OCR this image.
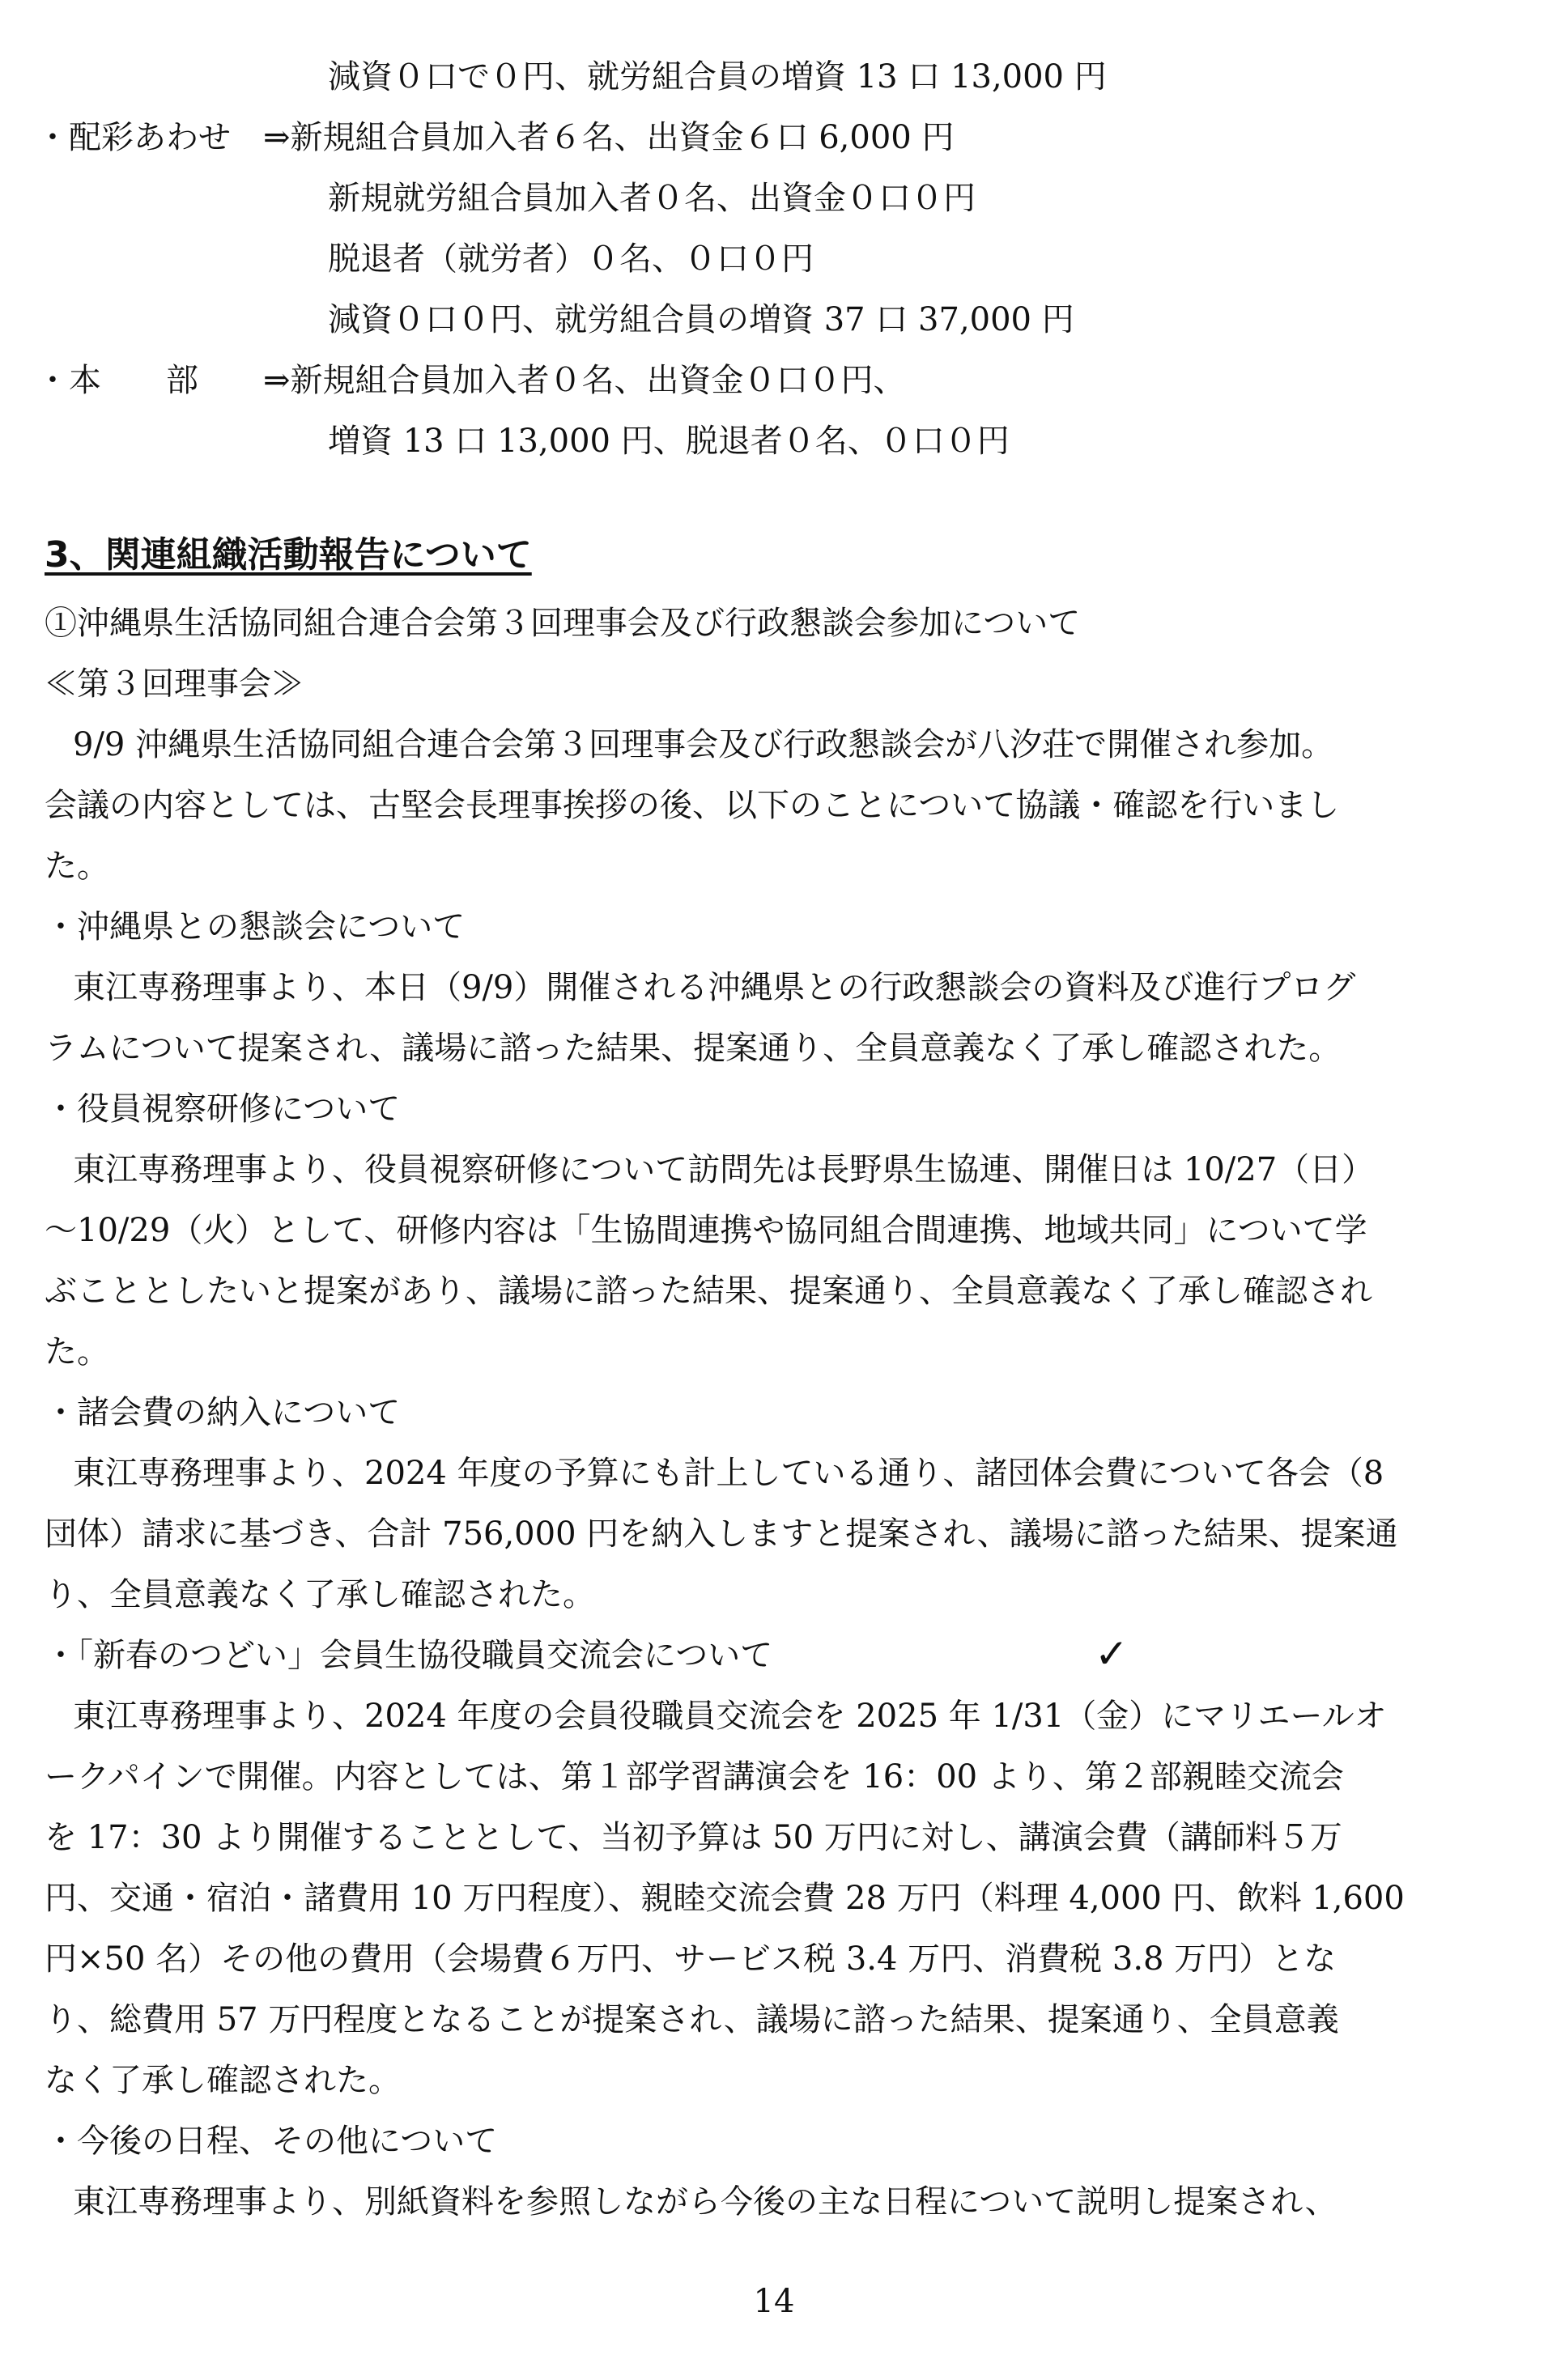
減資０口で０円、就労組合員の増資 13 口 13,000 円
・配彩あわせ　⇒新規組合員加入者６名、出資金６口 6,000 円
新規就労組合員加入者０名、出資金０口０円
脱退者（就労者）０名、０口０円
減資０口０円、就労組合員の増資 37 口 37,000 円
・本　　部　　⇒新規組合員加入者０名、出資金０口０円、
増資 13 口 13,000 円、脱退者０名、０口０円
3、関連組織活動報告について
①沖縄県生活協同組合連合会第３回理事会及び行政懇談会参加について
≪第３回理事会≫
9/9 沖縄県生活協同組合連合会第３回理事会及び行政懇談会が八汐荘で開催され参加。
会議の内容としては、古堅会長理事挨拶の後、以下のことについて協議・確認を行いまし
た。
・沖縄県との懇談会について
東江専務理事より、本日（9/9）開催される沖縄県との行政懇談会の資料及び進行プログ
ラムについて提案され、議場に諮った結果、提案通り、全員意義なく了承し確認された。
・役員視察研修について
東江専務理事より、役員視察研修について訪問先は長野県生協連、開催日は 10/27（日）
～10/29（火）として、研修内容は「生協間連携や協同組合間連携、地域共同」について学
ぶこととしたいと提案があり、議場に諮った結果、提案通り、全員意義なく了承し確認され
た。
・諸会費の納入について
東江専務理事より、2024 年度の予算にも計上している通り、諸団体会費について各会（8
団体）請求に基づき、合計 756,000 円を納入しますと提案され、議場に諮った結果、提案通
り、全員意義なく了承し確認された。
・「新春のつどい」会員生協役職員交流会について
東江専務理事より、2024 年度の会員役職員交流会を 2025 年 1/31（金）にマリエールオ
ークパインで開催。内容としては、第１部学習講演会を 16：00 より、第２部親睦交流会
を 17：30 より開催することとして、当初予算は 50 万円に対し、講演会費（講師料５万
円、交通・宿泊・諸費用 10 万円程度）、親睦交流会費 28 万円（料理 4,000 円、飲料 1,600
円×50 名）その他の費用（会場費６万円、サービス税 3.4 万円、消費税 3.8 万円）とな
り、総費用 57 万円程度となることが提案され、議場に諮った結果、提案通り、全員意義
なく了承し確認された。
・今後の日程、その他について
東江専務理事より、別紙資料を参照しながら今後の主な日程について説明し提案され、
✓
14
